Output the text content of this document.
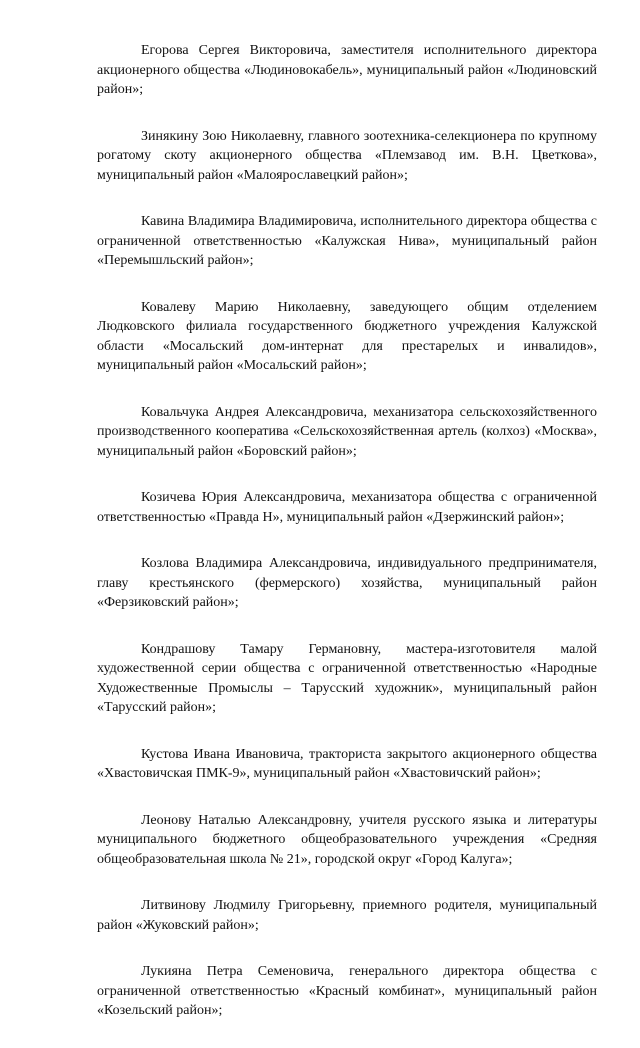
Егорова Сергея Викторовича, заместителя исполнительного директора акционерного общества «Людиновокабель», муниципальный район «Людиновский район»;

Зинякину Зою Николаевну, главного зоотехника-селекционера по крупному рогатому скоту акционерного общества «Племзавод им. В.Н. Цветкова», муниципальный район «Малоярославецкий район»;

Кавина Владимира Владимировича, исполнительного директора общества с ограниченной ответственностью «Калужская Нива», муниципальный район «Перемышльский район»;

Ковалеву Марию Николаевну, заведующего общим отделением Людковского филиала государственного бюджетного учреждения Калужской области «Мосальский дом-интернат для престарелых и инвалидов», муниципальный район «Мосальский район»;

Ковальчука Андрея Александровича, механизатора сельскохозяйственного производственного кооператива «Сельскохозяйственная артель (колхоз) «Москва», муниципальный район «Боровский район»;

Козичева Юрия Александровича, механизатора общества с ограниченной ответственностью «Правда Н», муниципальный район «Дзержинский район»;

Козлова Владимира Александровича, индивидуального предпринимателя, главу крестьянского (фермерского) хозяйства, муниципальный район «Ферзиковский район»;

Кондрашову Тамару Германовну, мастера-изготовителя малой художественной серии общества с ограниченной ответственностью «Народные Художественные Промыслы – Тарусский художник», муниципальный район «Тарусский район»;

Кустова Ивана Ивановича, тракториста закрытого акционерного общества «Хвастовичская ПМК-9», муниципальный район «Хвастовичский район»;

Леонову Наталью Александровну, учителя русского языка и литературы муниципального бюджетного общеобразовательного учреждения «Средняя общеобразовательная школа № 21», городской округ «Город Калуга»;

Литвинову Людмилу Григорьевну, приемного родителя, муниципальный район «Жуковский район»;

Лукияна Петра Семеновича, генерального директора общества с ограниченной ответственностью «Красный комбинат», муниципальный район «Козельский район»;
